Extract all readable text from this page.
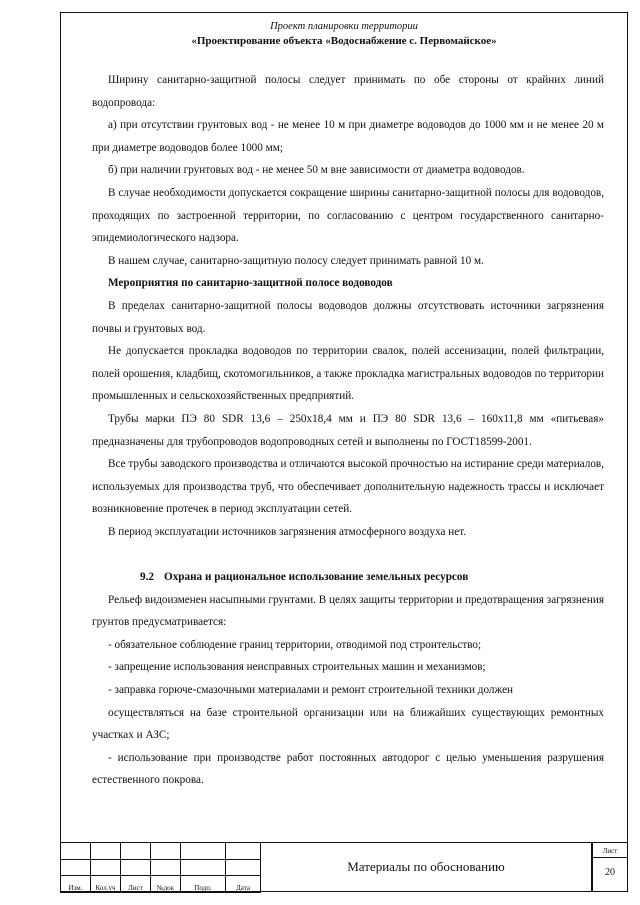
Проект планировки территории
«Проектирование объекта «Водоснабжение с. Первомайское»

Ширину санитарно-защитной полосы следует принимать по обе стороны от крайних линий водопровода:

а) при отсутствии грунтовых вод - не менее 10 м при диаметре водоводов до 1000 мм и не менее 20 м при диаметре водоводов более 1000 мм;

б) при наличии грунтовых вод - не менее 50 м вне зависимости от диаметра водоводов.

В случае необходимости допускается сокращение ширины санитарно-защитной полосы для водоводов, проходящих по застроенной территории, по согласованию с центром государственного санитарно-эпидемиологического надзора.

В нашем случае, санитарно-защитную полосу следует принимать равной 10 м.

Мероприятия по санитарно-защитной полосе водоводов

В пределах санитарно-защитной полосы водоводов должны отсутствовать источники загрязнения почвы и грунтовых вод.

Не допускается прокладка водоводов по территории свалок, полей ассенизации, полей фильтрации, полей орошения, кладбищ, скотомогильников, а также прокладка магистральных водоводов по территории промышленных и сельскохозяйственных предприятий.

Трубы марки ПЭ 80 SDR 13,6 – 250х18,4 мм и ПЭ 80 SDR 13,6 – 160х11,8 мм «питьевая» предназначены для трубопроводов водопроводных сетей и выполнены по ГОСТ18599-2001.

Все трубы заводского производства и отличаются высокой прочностью на истирание среди материалов, используемых для производства труб, что обеспечивает дополнительную надежность трассы и исключает возникновение протечек в период эксплуатации сетей.

В период эксплуатации источников загрязнения атмосферного воздуха нет.

9.2 Охрана и рациональное использование земельных ресурсов

Рельеф видоизменен насыпными грунтами. В целях защиты территории и предотвращения загрязнения грунтов предусматривается:

- обязательное соблюдение границ территории, отводимой под строительство;

- запрещение использования неисправных строительных машин и механизмов;

- заправка горюче-смазочными материалами и ремонт строительной техники должен

осуществляться на базе строительной организации или на ближайших существующих ремонтных участках и АЗС;

- использование при производстве работ постоянных автодорог с целью уменьшения разрушения естественного покрова.

Изм.	Кол.уч	Лист	№док	Подп.	Дата
Материалы по обоснованию
Лист
20
